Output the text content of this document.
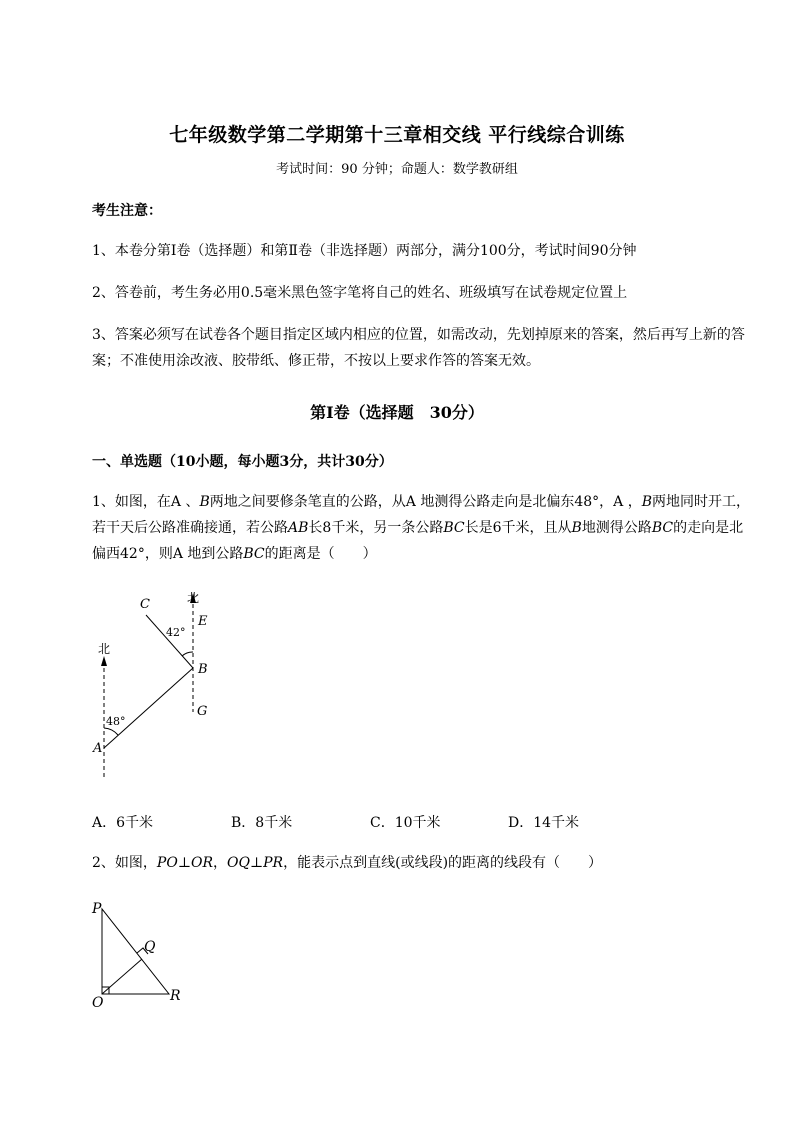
七年级数学第二学期第十三章相交线 平行线综合训练
考试时间：90 分钟；命题人：数学教研组
考生注意：
1、本卷分第Ⅰ卷（选择题）和第Ⅱ卷（非选择题）两部分，满分100分，考试时间90分钟
2、答卷前，考生务必用0.5毫米黑色签字笔将自己的姓名、班级填写在试卷规定位置上
3、答案必须写在试卷各个题目指定区域内相应的位置，如需改动，先划掉原来的答案，然后再写上新的答案；不准使用涂改液、胶带纸、修正带，不按以上要求作答的答案无效。
第Ⅰ卷（选择题　30分）
一、单选题（10小题，每小题3分，共计30分）
1、如图，在A 、B两地之间要修条笔直的公路，从A 地测得公路走向是北偏东48°，A ，B两地同时开工，若干天后公路准确接通，若公路AB长8千米，另一条公路BC长是6千米，且从B地测得公路BC的走向是北偏西42°，则A 地到公路BC的距离是（　　）
北
北
A
B
C
E
G
48°
42°
A．6千米	B．8千米	C．10千米	D．14千米
2、如图，PO⊥OR，OQ⊥PR，能表示点到直线(或线段)的距离的线段有（　　）
P
Q
O	R
